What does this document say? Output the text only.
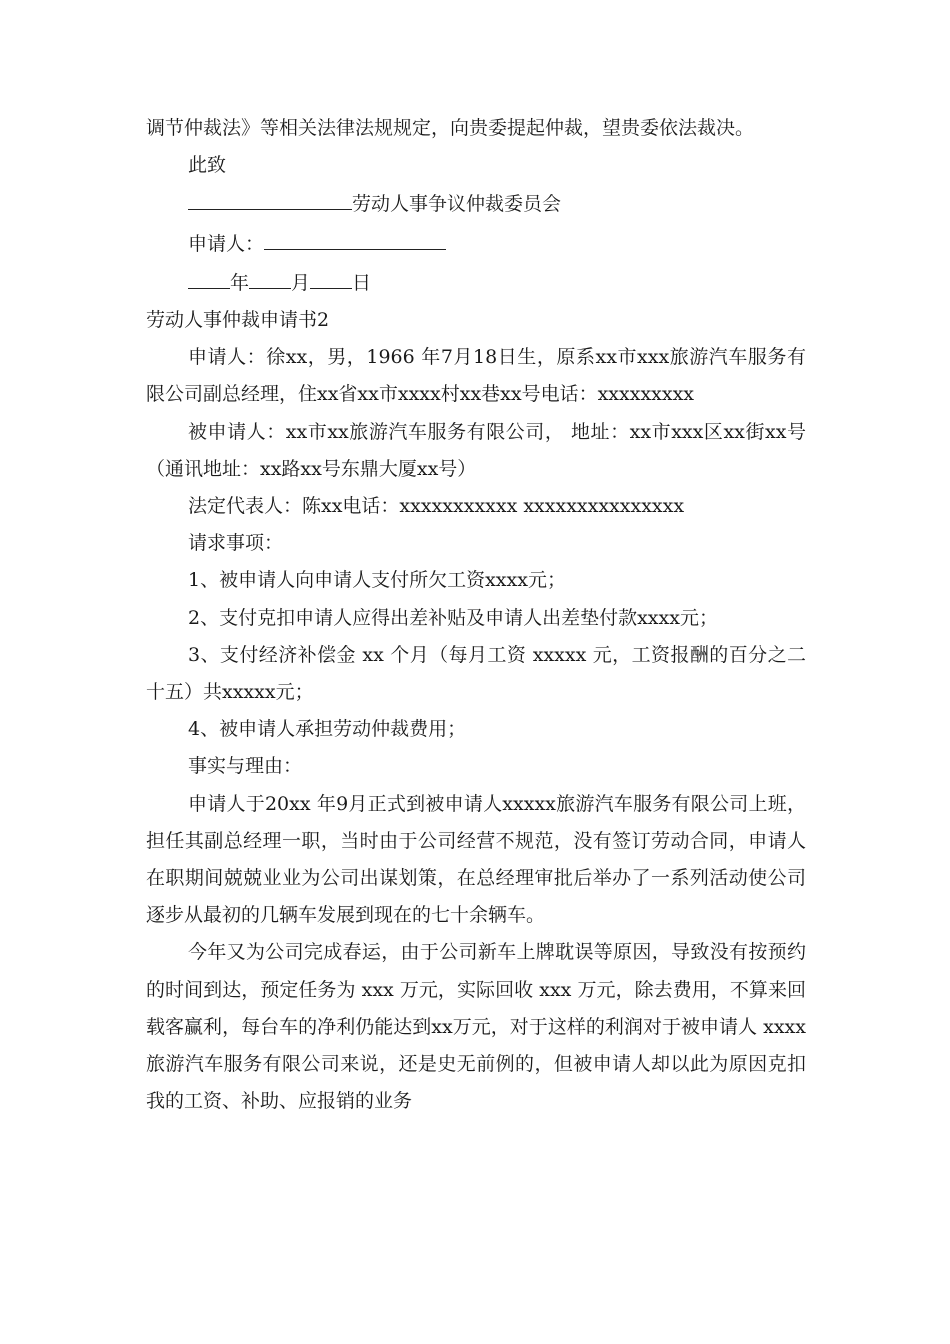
调节仲裁法》等相关法律法规规定，向贵委提起仲裁，望贵委依法裁决。

此致

劳动人事争议仲裁委员会

申请人：

年 月 日

劳动人事仲裁申请书2

申请人：徐xx，男，1966 年7月18日生，原系xx市xxx旅游汽车服务有限公司副总经理，住xx省xx市xxxx村xx巷xx号电话：xxxxxxxxx

被申请人：xx市xx旅游汽车服务有限公司， 地址：xx市xxx区xx街xx号（通讯地址：xx路xx号东鼎大厦xx号）

法定代表人：陈xx电话：xxxxxxxxxxx xxxxxxxxxxxxxxx

请求事项：

1、被申请人向申请人支付所欠工资xxxx元；

2、支付克扣申请人应得出差补贴及申请人出差垫付款xxxx元；

3、支付经济补偿金 xx 个月（每月工资 xxxxx 元，工资报酬的百分之二十五）共xxxxx元；

4、被申请人承担劳动仲裁费用；

事实与理由：

申请人于20xx 年9月正式到被申请人xxxxx旅游汽车服务有限公司上班，担任其副总经理一职，当时由于公司经营不规范，没有签订劳动合同，申请人在职期间兢兢业业为公司出谋划策，在总经理审批后举办了一系列活动使公司逐步从最初的几辆车发展到现在的七十余辆车。

今年又为公司完成春运，由于公司新车上牌耽误等原因，导致没有按预约的时间到达，预定任务为 xxx 万元，实际回收 xxx 万元，除去费用，不算来回载客赢利，每台车的净利仍能达到xx万元，对于这样的利润对于被申请人 xxxx 旅游汽车服务有限公司来说，还是史无前例的，但被申请人却以此为原因克扣我的工资、补助、应报销的业务
